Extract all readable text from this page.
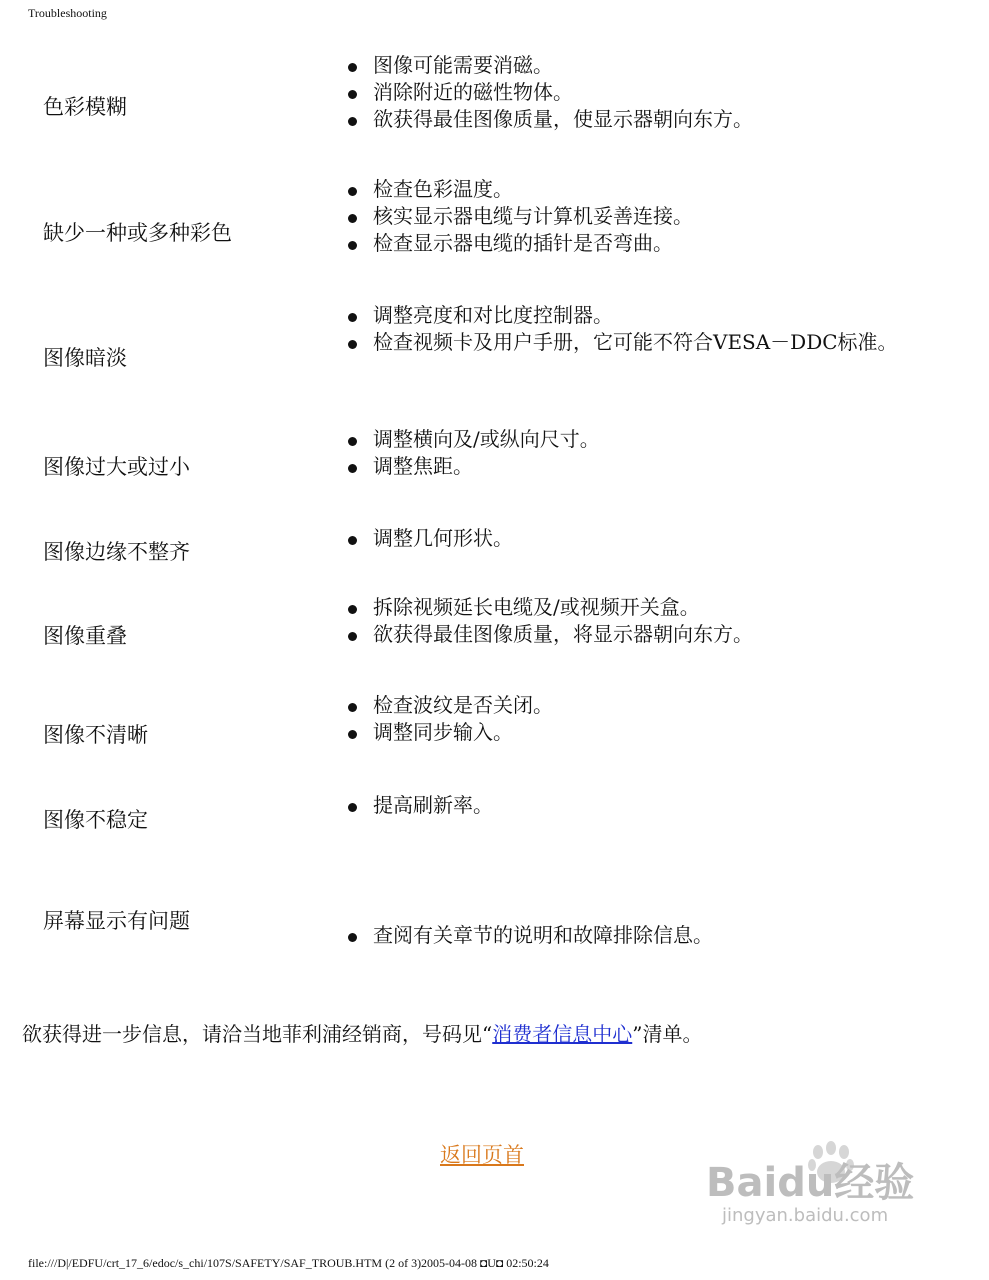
Troubleshooting
色彩模糊
图像可能需要消磁。
消除附近的磁性物体。
欲获得最佳图像质量，使显示器朝向东方。
缺少一种或多种彩色
检查色彩温度。
核实显示器电缆与计算机妥善连接。
检查显示器电缆的插针是否弯曲。
图像暗淡
调整亮度和对比度控制器。
检查视频卡及用户手册，它可能不符合VESA－DDC标准。
图像过大或过小
调整横向及/或纵向尺寸。
调整焦距。
图像边缘不整齐
调整几何形状。
图像重叠
拆除视频延长电缆及/或视频开关盒。
欲获得最佳图像质量，将显示器朝向东方。
图像不清晰
检查波纹是否关闭。
调整同步输入。
图像不稳定
提高刷新率。
屏幕显示有问题
查阅有关章节的说明和故障排除信息。
欲获得进一步信息，请洽当地菲利浦经销商，号码见“消费者信息中心”清单。
返回页首
Baidu经验
jingyan.baidu.com
file:///D|/EDFU/crt_17_6/edoc/s_chi/107S/SAFETY/SAF_TROUB.HTM (2 of 3)2005-04-08 ◘U◘ 02:50:24
